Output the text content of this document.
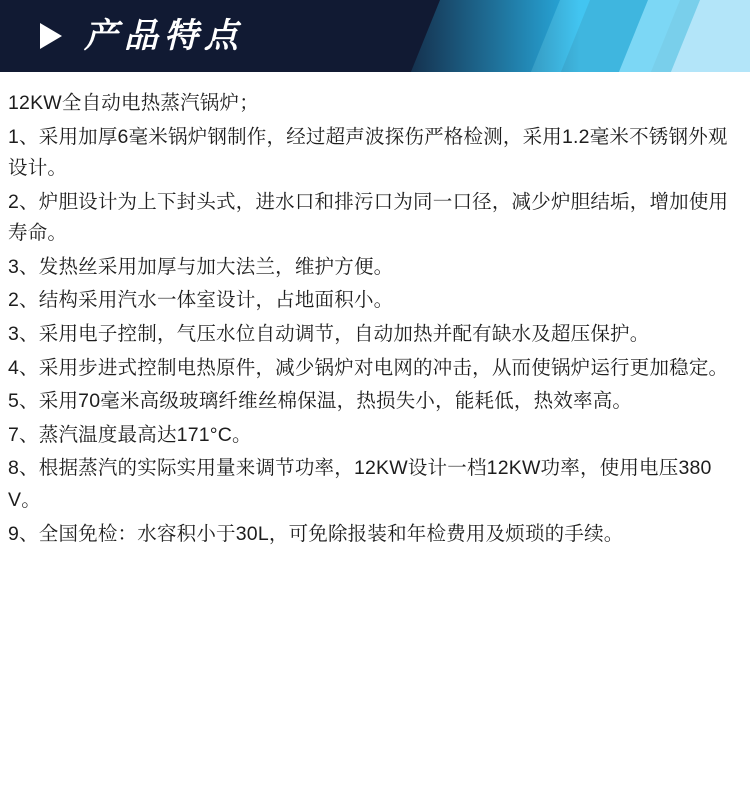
产品特点

12KW全自动电热蒸汽锅炉；

1、采用加厚6毫米锅炉钢制作，经过超声波探伤严格检测，采用1.2毫米不锈钢外观设计。

2、炉胆设计为上下封头式，进水口和排污口为同一口径，减少炉胆结垢，增加使用寿命。

3、发热丝采用加厚与加大法兰，维护方便。

2、结构采用汽水一体室设计，占地面积小。

3、采用电子控制，气压水位自动调节，自动加热并配有缺水及超压保护。

4、采用步进式控制电热原件，减少锅炉对电网的冲击，从而使锅炉运行更加稳定。

5、采用70毫米高级玻璃纤维丝棉保温，热损失小，能耗低，热效率高。

7、蒸汽温度最高达171°C。

8、根据蒸汽的实际实用量来调节功率，12KW设计一档12KW功率，使用电压380V。

9、全国免检：水容积小于30L，可免除报装和年检费用及烦琐的手续。
